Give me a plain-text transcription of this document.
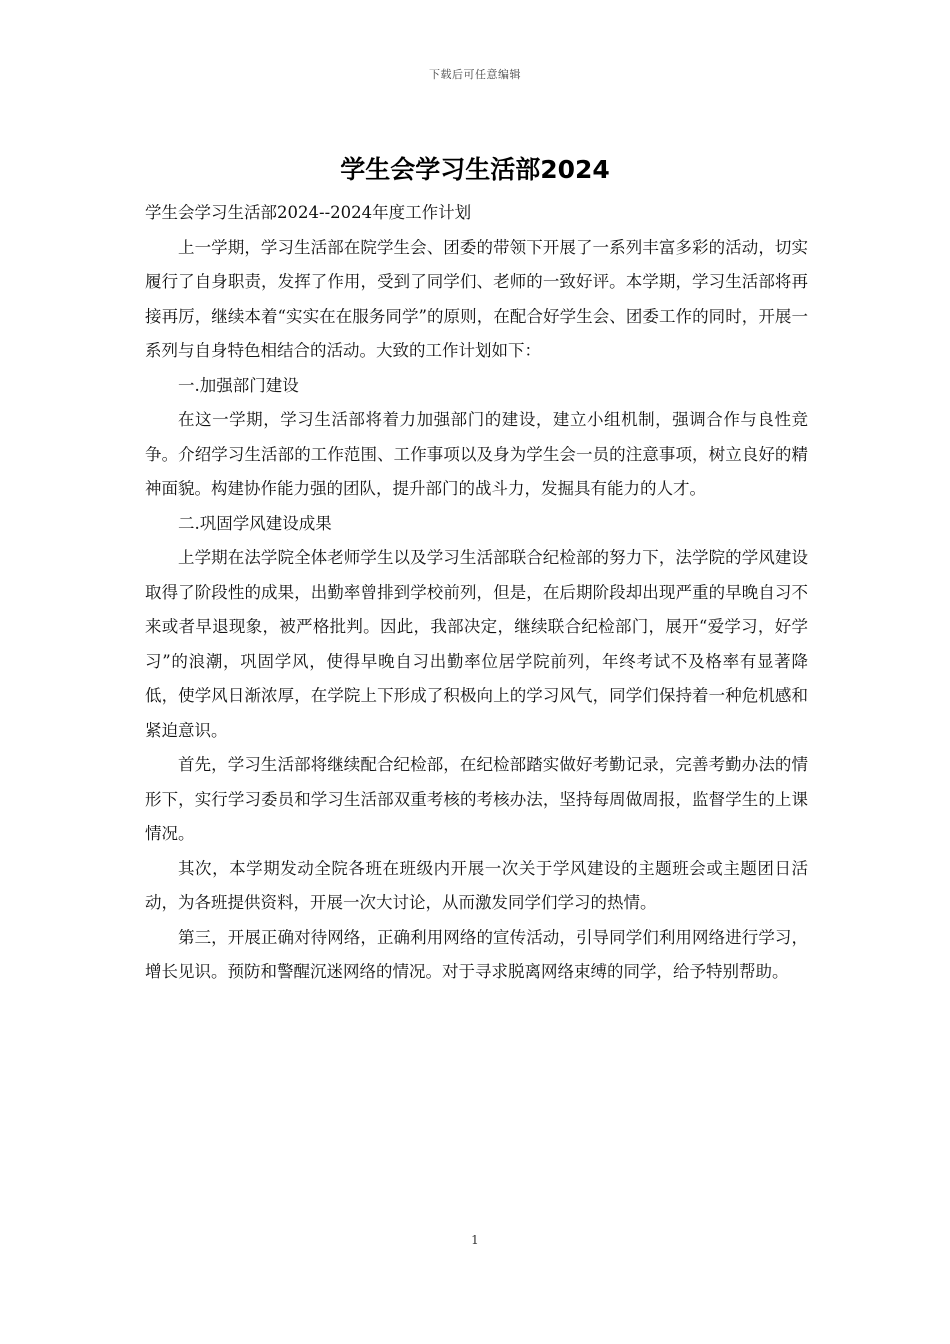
下载后可任意编辑
学生会学习生活部2024

学生会学习生活部2024--2024年度工作计划

上一学期，学习生活部在院学生会、团委的带领下开展了一系列丰富多彩的活动，切实履行了自身职责，发挥了作用，受到了同学们、老师的一致好评。本学期，学习生活部将再接再厉，继续本着“实实在在服务同学”的原则，在配合好学生会、团委工作的同时，开展一系列与自身特色相结合的活动。大致的工作计划如下：

一.加强部门建设

在这一学期，学习生活部将着力加强部门的建设，建立小组机制，强调合作与良性竞争。介绍学习生活部的工作范围、工作事项以及身为学生会一员的注意事项，树立良好的精神面貌。构建协作能力强的团队，提升部门的战斗力，发掘具有能力的人才。

二.巩固学风建设成果

上学期在法学院全体老师学生以及学习生活部联合纪检部的努力下，法学院的学风建设取得了阶段性的成果，出勤率曾排到学校前列，但是，在后期阶段却出现严重的早晚自习不来或者早退现象，被严格批判。因此，我部决定，继续联合纪检部门，展开“爱学习，好学习”的浪潮，巩固学风，使得早晚自习出勤率位居学院前列，年终考试不及格率有显著降低，使学风日渐浓厚，在学院上下形成了积极向上的学习风气，同学们保持着一种危机感和紧迫意识。

首先，学习生活部将继续配合纪检部，在纪检部踏实做好考勤记录，完善考勤办法的情形下，实行学习委员和学习生活部双重考核的考核办法，坚持每周做周报，监督学生的上课情况。

其次，本学期发动全院各班在班级内开展一次关于学风建设的主题班会或主题团日活动，为各班提供资料，开展一次大讨论，从而激发同学们学习的热情。

第三，开展正确对待网络，正确利用网络的宣传活动，引导同学们利用网络进行学习，增长见识。预防和警醒沉迷网络的情况。对于寻求脱离网络束缚的同学，给予特别帮助。

1
